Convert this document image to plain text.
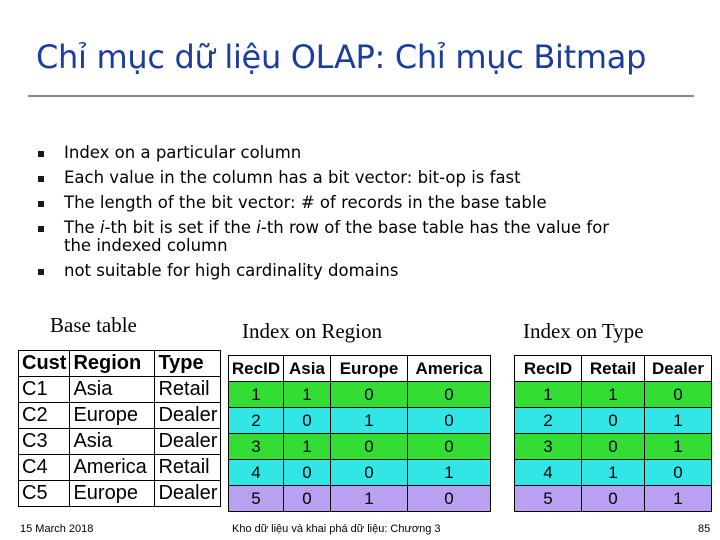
Chỉ mục dữ liệu OLAP: Chỉ mục Bitmap
Index on a particular column
Each value in the column has a bit vector: bit-op is fast
The length of the bit vector: # of records in the base table
The i-th bit is set if the i-th row of the base table has the value for
the indexed column
not suitable for high cardinality domains
Base table	Index on Region	Index on Type
Cust	Region	Type
C1	Asia	Retail
C2	Europe	Dealer
C3	Asia	Dealer
C4	America	Retail
C5	Europe	Dealer
RecID	Asia	Europe	America
1	1	0	0
2	0	1	0
3	1	0	0
4	0	0	1
5	0	1	0
RecID	Retail	Dealer
1	1	0
2	0	1
3	0	1
4	1	0
5	0	1
15 March 2018	Kho dữ liệu và khai phá dữ liệu: Chương 3	85
